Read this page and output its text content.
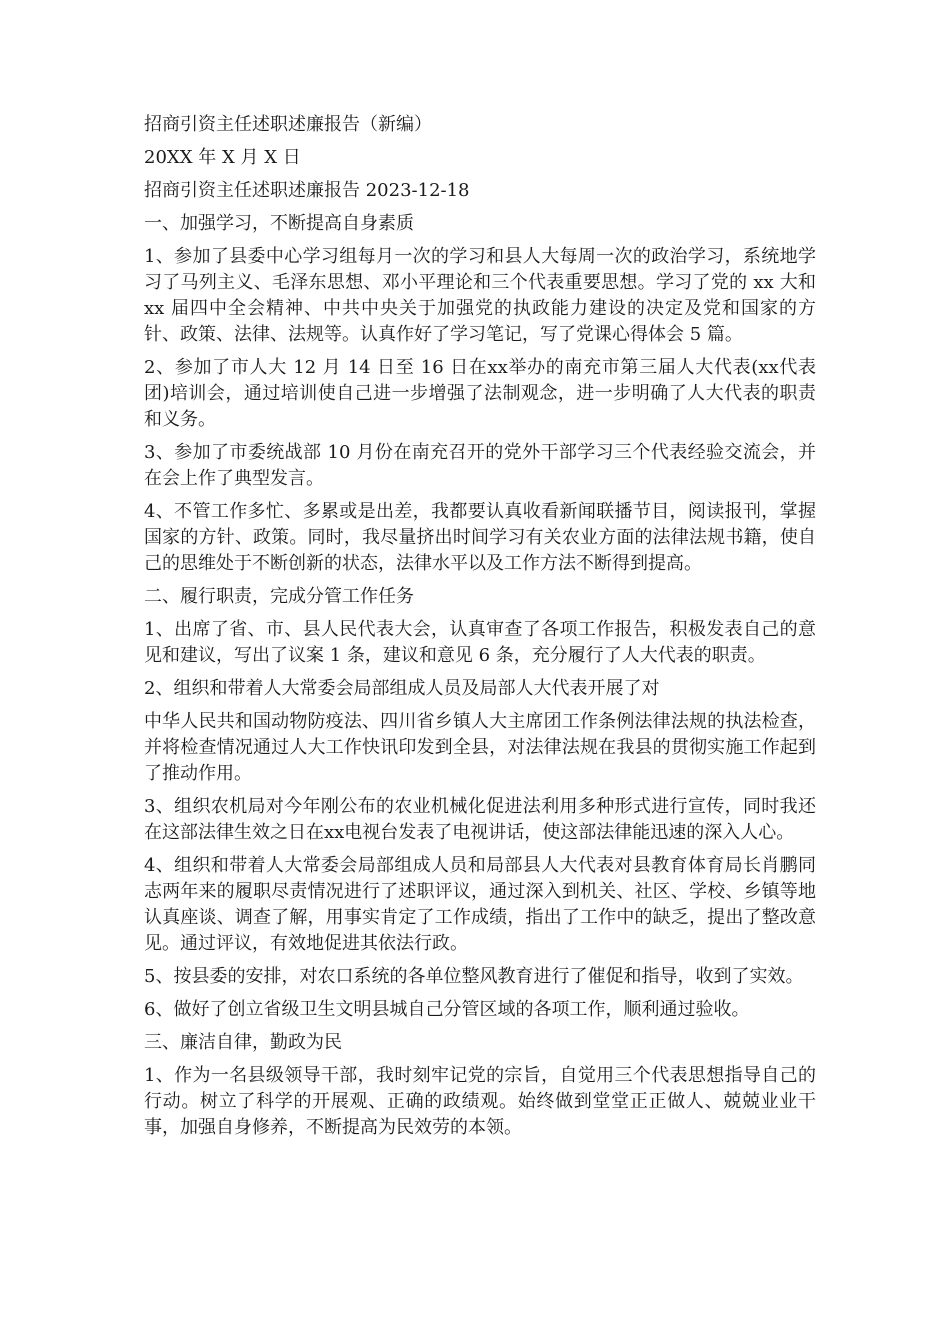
招商引资主任述职述廉报告（新编）

20XX 年 X 月 X 日

招商引资主任述职述廉报告 2023-12-18

一、加强学习，不断提高自身素质

1、参加了县委中心学习组每月一次的学习和县人大每周一次的政治学习，系统地学习了马列主义、毛泽东思想、邓小平理论和三个代表重要思想。学习了党的 xx 大和 xx 届四中全会精神、中共中央关于加强党的执政能力建设的决定及党和国家的方针、政策、法律、法规等。认真作好了学习笔记，写了党课心得体会 5 篇。

2、参加了市人大 12 月 14 日至 16 日在xx举办的南充市第三届人大代表(xx代表团)培训会，通过培训使自己进一步增强了法制观念，进一步明确了人大代表的职责和义务。

3、参加了市委统战部 10 月份在南充召开的党外干部学习三个代表经验交流会，并在会上作了典型发言。

4、不管工作多忙、多累或是出差，我都要认真收看新闻联播节目，阅读报刊，掌握国家的方针、政策。同时，我尽量挤出时间学习有关农业方面的法律法规书籍，使自己的思维处于不断创新的状态，法律水平以及工作方法不断得到提高。

二、履行职责，完成分管工作任务

1、出席了省、市、县人民代表大会，认真审查了各项工作报告，积极发表自己的意见和建议，写出了议案 1 条，建议和意见 6 条，充分履行了人大代表的职责。

2、组织和带着人大常委会局部组成人员及局部人大代表开展了对

中华人民共和国动物防疫法、四川省乡镇人大主席团工作条例法律法规的执法检查，并将检查情况通过人大工作快讯印发到全县，对法律法规在我县的贯彻实施工作起到了推动作用。

3、组织农机局对今年刚公布的农业机械化促进法利用多种形式进行宣传，同时我还在这部法律生效之日在xx电视台发表了电视讲话，使这部法律能迅速的深入人心。

4、组织和带着人大常委会局部组成人员和局部县人大代表对县教育体育局长肖鹏同志两年来的履职尽责情况进行了述职评议，通过深入到机关、社区、学校、乡镇等地认真座谈、调查了解，用事实肯定了工作成绩，指出了工作中的缺乏，提出了整改意见。通过评议，有效地促进其依法行政。

5、按县委的安排，对农口系统的各单位整风教育进行了催促和指导，收到了实效。

6、做好了创立省级卫生文明县城自己分管区域的各项工作，顺利通过验收。

三、廉洁自律，勤政为民

1、作为一名县级领导干部，我时刻牢记党的宗旨，自觉用三个代表思想指导自己的行动。树立了科学的开展观、正确的政绩观。始终做到堂堂正正做人、兢兢业业干事，加强自身修养，不断提高为民效劳的本领。
